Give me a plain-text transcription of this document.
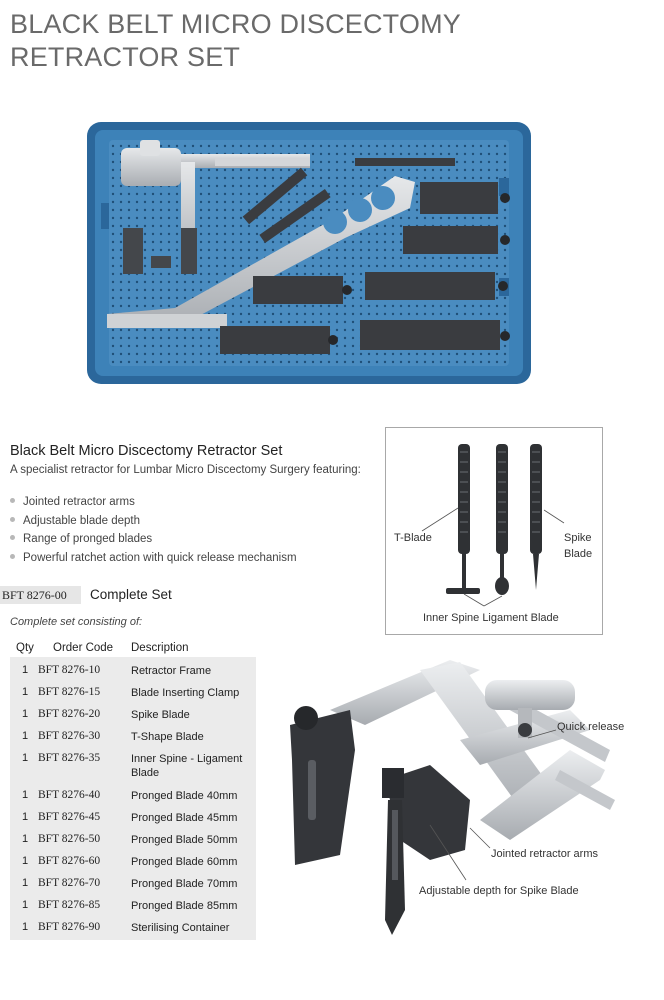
BLACK BELT MICRO DISCECTOMY
RETRACTOR SET
Black Belt Micro Discectomy Retractor Set
A specialist retractor for Lumbar Micro Discectomy Surgery featuring:
Jointed retractor arms
Adjustable blade depth
Range of pronged blades
Powerful ratchet action with quick release mechanism
BFT 8276-00	Complete Set
Complete set consisting of:
Qty Order Code Description
1 BFT 8276-10	Retractor Frame
1 BFT 8276-15	Blade Inserting Clamp
1 BFT 8276-20	Spike Blade
1 BFT 8276-30	T-Shape Blade
1 BFT 8276-35	Inner Spine - Ligament Blade
1 BFT 8276-40	Pronged Blade 40mm
1 BFT 8276-45	Pronged Blade 45mm
1 BFT 8276-50	Pronged Blade 50mm
1 BFT 8276-60	Pronged Blade 60mm
1 BFT 8276-70	Pronged Blade 70mm
1 BFT 8276-85	Pronged Blade 85mm
1 BFT 8276-90	Sterilising Container
T-Blade	Spike
Blade
Inner Spine Ligament Blade
Quick release
Jointed retractor arms
Adjustable depth for Spike Blade
